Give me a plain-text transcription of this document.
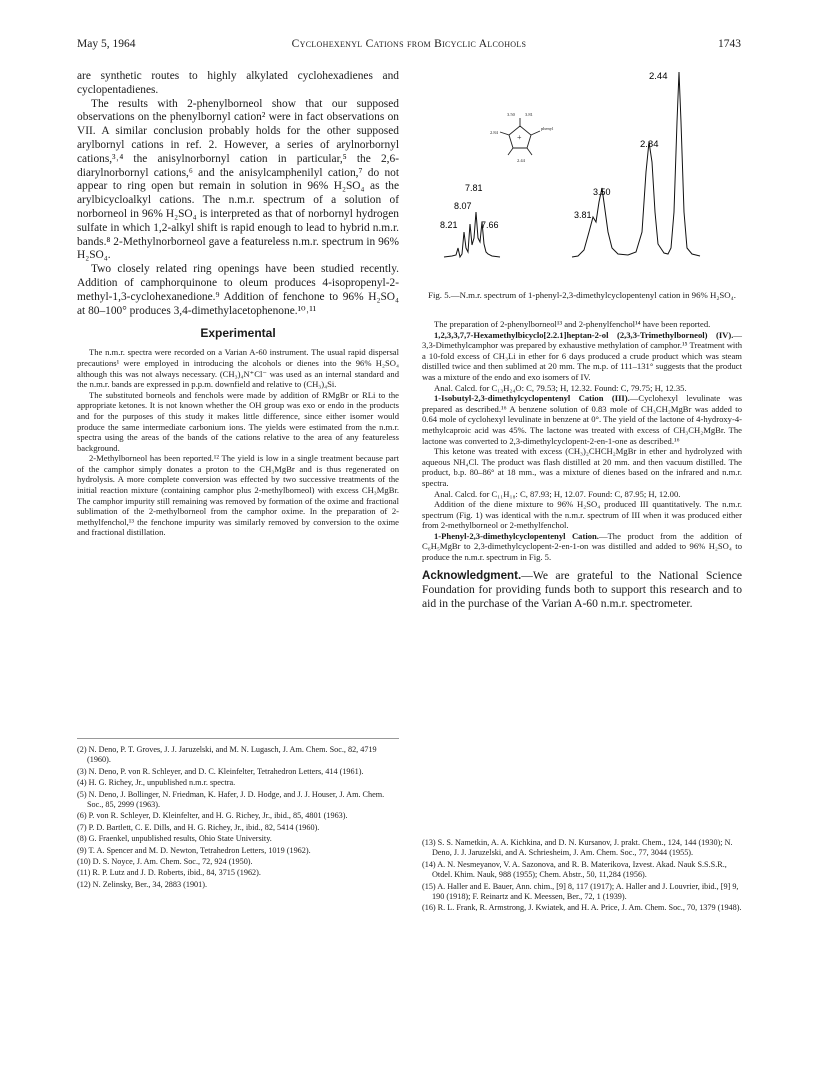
May 5, 1964	Cyclohexenyl Cations from Bicyclic Alcohols	1743

are synthetic routes to highly alkylated cyclohexadienes and cyclopentadienes.

The results with 2-phenylborneol show that our supposed observations on the phenylbornyl cation² were in fact observations on VII. A similar conclusion probably holds for the other supposed arylbornyl cations in ref. 2. However, a series of arylnorbornyl cations,³˒⁴ the anisylnorbornyl cation in particular,⁵ the 2,6-diarylnorbornyl cations,⁶ and the anisylcamphenilyl cation,⁷ do not appear to ring open but remain in solution in 96% H₂SO₄ as the arylbicycloalkyl cations. The n.m.r. spectrum of a solution of norborneol in 96% H₂SO₄ is interpreted as that of norbornyl hydrogen sulfate in which 1,2-alkyl shift is rapid enough to lead to hybrid n.m.r. bands.⁸ 2-Methylnorborneol gave a featureless n.m.r. spectrum in 96% H₂SO₄.

Two closely related ring openings have been studied recently. Addition of camphorquinone to oleum produces 4-isopropenyl-2-methyl-1,3-cyclohexanedione.⁹ Addition of fenchone to 96% H₂SO₄ at 80–100° produces 3,4-dimethylacetophenone.¹⁰˒¹¹

Experimental

The n.m.r. spectra were recorded on a Varian A-60 instrument. The usual rapid dispersal precautions¹ were employed in introducing the alcohols or dienes into the 96% H₂SO₄ although this was not always necessary. (CH₃)₄N⁺Cl⁻ was used as an internal standard and the n.m.r. bands are expressed in p.p.m. downfield and relative to (CH₃)₄Si.

The substituted borneols and fenchols were made by addition of RMgBr or RLi to the appropriate ketones. It is not known whether the OH group was exo or endo in the products and for the purposes of this study it makes little difference, since either isomer would produce the same intermediate carbonium ions. The yields were estimated from the n.m.r. spectra using the areas of the bands of the cations relative to the area of any featureless background.

2-Methylborneol has been reported.¹² The yield is low in a single treatment because part of the camphor simply donates a proton to the CH₃MgBr and is thus regenerated on hydrolysis. A more complete conversion was effected by two successive treatments of the initial reaction mixture (containing camphor plus 2-methylborneol) with excess CH₃MgBr. The camphor impurity still remaining was removed by formation of the oxime and fractional sublimation of the 2-methylborneol from the camphor oxime. In the preparation of 2-methylfenchol,¹³ the fenchone impurity was similarly removed by conversion to the oxime and fractional distillation.

(2) N. Deno, P. T. Groves, J. J. Jaruzelski, and M. N. Lugasch, J. Am. Chem. Soc., 82, 4719 (1960).

(3) N. Deno, P. von R. Schleyer, and D. C. Kleinfelter, Tetrahedron Letters, 414 (1961).

(4) H. G. Richey, Jr., unpublished n.m.r. spectra.

(5) N. Deno, J. Bollinger, N. Friedman, K. Hafer, J. D. Hodge, and J. J. Houser, J. Am. Chem. Soc., 85, 2999 (1963).

(6) P. von R. Schleyer, D. Kleinfelter, and H. G. Richey, Jr., ibid., 85, 4801 (1963).

(7) P. D. Bartlett, C. E. Dills, and H. G. Richey, Jr., ibid., 82, 5414 (1960).

(8) G. Fraenkel, unpublished results, Ohio State University.

(9) T. A. Spencer and M. D. Newton, Tetrahedron Letters, 1019 (1962).

(10) D. S. Noyce, J. Am. Chem. Soc., 72, 924 (1950).

(11) R. P. Lutz and J. D. Roberts, ibid., 84, 3715 (1962).

(12) N. Zelinsky, Ber., 34, 2883 (1901).

+
3.50 3.81
2.84
2.44
phenyl
8.21
8.07
7.81
7.66
3.81
3.50
2.84
2.44
Fig. 5.—N.m.r. spectrum of 1-phenyl-2,3-dimethylcyclopentenyl cation in 96% H₂SO₄.

The preparation of 2-phenylborneol¹³ and 2-phenylfenchol¹⁴ have been reported.

1,2,3,3,7,7-Hexamethylbicyclo[2.2.1]heptan-2-ol (2,3,3-Trimethylborneol) (IV).—3,3-Dimethylcamphor was prepared by exhaustive methylation of camphor.¹⁵ Treatment with a 10-fold excess of CH₃Li in ether for 6 days produced a crude product which was steam distilled twice and then sublimed at 20 mm. The m.p. of 111–131° suggests that the product was a mixture of the endo and exo isomers of IV.

Anal. Calcd. for C₁₃H₂₄O: C, 79.53; H, 12.32. Found: C, 79.75; H, 12.35.

1-Isobutyl-2,3-dimethylcyclopentenyl Cation (III).—Cyclohexyl levulinate was prepared as described.¹⁶ A benzene solution of 0.83 mole of CH₃CH₂MgBr was added to 0.64 mole of cyclohexyl levulinate in benzene at 0°. The yield of the lactone of 4-hydroxy-4-methylcaproic acid was 45%. The lactone was treated with excess of CH₃CH₂MgBr. The lactone was converted to 2,3-dimethylcyclopent-2-en-1-one as described.¹⁶

This ketone was treated with excess (CH₃)₂CHCH₂MgBr in ether and hydrolyzed with aqueous NH₄Cl. The product was flash distilled at 20 mm. and then vacuum distilled. The product, b.p. 80–86° at 18 mm., was a mixture of dienes based on the infrared and n.m.r. spectra.

Anal. Calcd. for C₁₁H₁₈: C, 87.93; H, 12.07. Found: C, 87.95; H, 12.00.

Addition of the diene mixture to 96% H₂SO₄ produced III quantitatively. The n.m.r. spectrum (Fig. 1) was identical with the n.m.r. spectrum of III when it was produced either from 2-methylborneol or 2-methylfenchol.

1-Phenyl-2,3-dimethylcyclopentenyl Cation.—The product from the addition of C₆H₅MgBr to 2,3-dimethylcyclopent-2-en-1-on was distilled and added to 96% H₂SO₄ to produce the n.m.r. spectrum in Fig. 5.

Acknowledgment.—We are grateful to the National Science Foundation for providing funds both to support this research and to aid in the purchase of the Varian A-60 n.m.r. spectrometer.

(13) S. S. Nametkin, A. A. Kichkina, and D. N. Kursanov, J. prakt. Chem., 124, 144 (1930); N. Deno, J. J. Jaruzelski, and A. Schriesheim, J. Am. Chem. Soc., 77, 3044 (1955).

(14) A. N. Nesmeyanov, V. A. Sazonova, and R. B. Materikova, Izvest. Akad. Nauk S.S.S.R., Otdel. Khim. Nauk, 988 (1955); Chem. Abstr., 50, 11,284 (1956).

(15) A. Haller and E. Bauer, Ann. chim., [9] 8, 117 (1917); A. Haller and J. Louvrier, ibid., [9] 9, 190 (1918); F. Reinartz and K. Meessen, Ber., 72, 1 (1939).

(16) R. L. Frank, R. Armstrong, J. Kwiatek, and H. A. Price, J. Am. Chem. Soc., 70, 1379 (1948).
